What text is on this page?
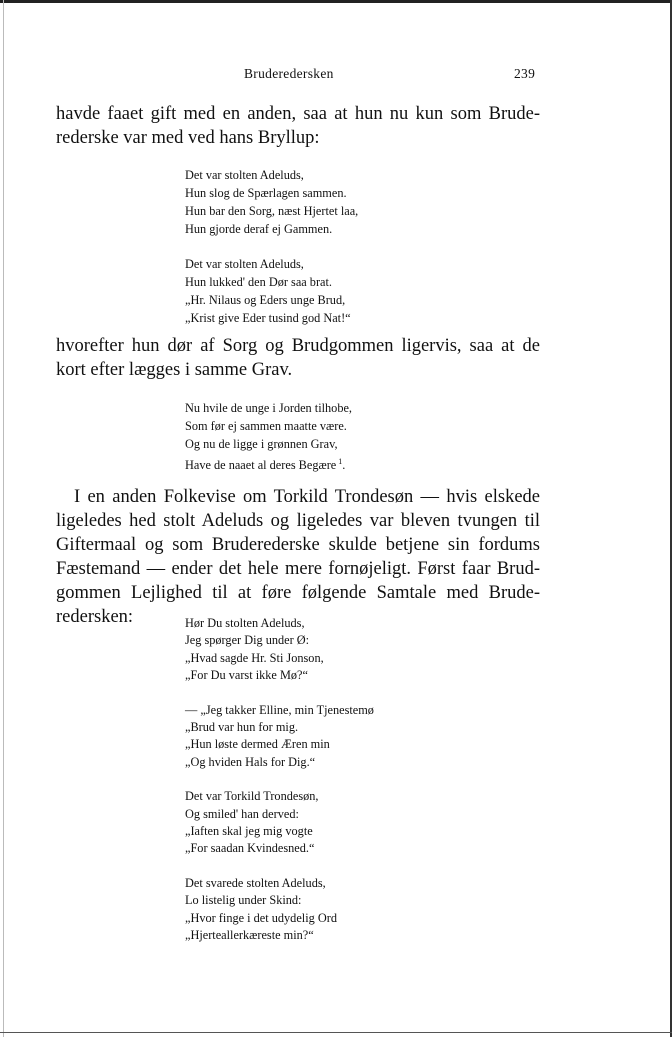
Bruderedersken	239
havde faaet gift med en anden, saa at hun nu kun som Brude-
rederske var med ved hans Bryllup:
Det var stolten Adeluds,
Hun slog de Spærlagen sammen.
Hun bar den Sorg, næst Hjertet laa,
Hun gjorde deraf ej Gammen.
Det var stolten Adeluds,
Hun lukked' den Dør saa brat.
„Hr. Nilaus og Eders unge Brud,
„Krist give Eder tusind god Nat!“
hvorefter hun dør af Sorg og Brudgommen ligervis, saa at de
kort efter lægges i samme Grav.
Nu hvile de unge i Jorden tilhobe,
Som før ej sammen maatte være.
Og nu de ligge i grønnen Grav,
Have de naaet al deres Begære $^1$.
I en anden Folkevise om Torkild Trondesøn — hvis elskede
ligeledes hed stolt Adeluds og ligeledes var bleven tvungen til
Giftermaal og som Bruderederske skulde betjene sin fordums
Fæstemand — ender det hele mere fornøjeligt. Først faar Brud-
gommen Lejlighed til at føre følgende Samtale med Brude-
redersken:	Hør Du stolten Adeluds,
Jeg spørger Dig under Ø:
„Hvad sagde Hr. Sti Jonson,
„For Du varst ikke Mø?“
— „Jeg takker Elline, min Tjenestemø
„Brud var hun for mig.
„Hun løste dermed Æren min
„Og hviden Hals for Dig.“
Det var Torkild Trondesøn,
Og smiled' han derved:
„Iaften skal jeg mig vogte
„For saadan Kvindesned.“
Det svarede stolten Adeluds,
Lo listelig under Skind:
„Hvor finge i det udydelig Ord
„Hjerteallerkæreste min?“
